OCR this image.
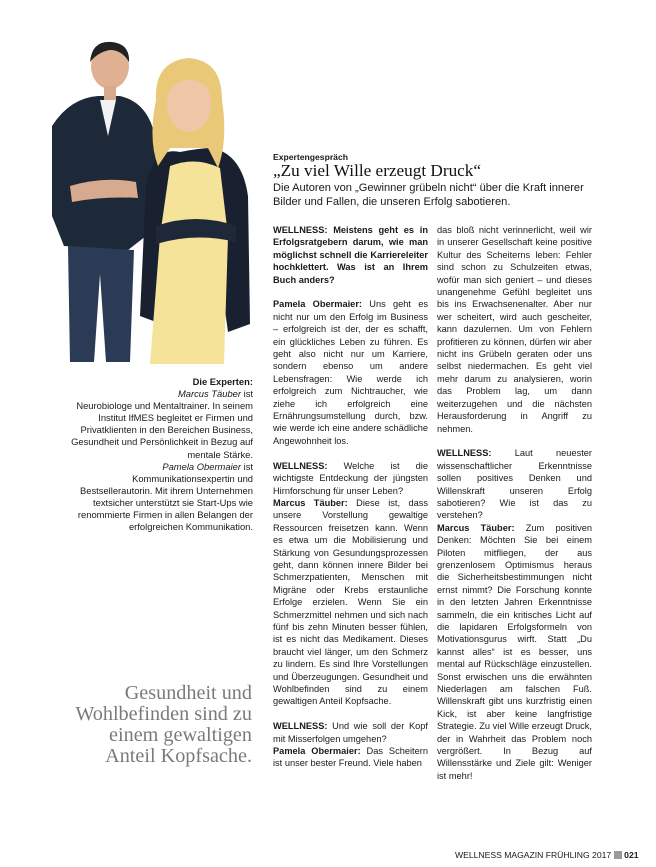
Expertengespräch
„Zu viel Wille erzeugt Druck“
Die Autoren von „Gewinner grübeln nicht“ über die Kraft innerer Bilder und Fallen, die unseren Erfolg sabotieren.

Die Experten:

Marcus Täuber ist
Neurobiologe und Mentaltrainer. In seinem Institut IfMES begleitet er Firmen und Privatklienten in den Bereichen Business, Gesundheit und Persönlichkeit in Bezug auf mentale Stärke.

Pamela Obermaier ist
Kommunikationsexpertin und Bestsellerautorin. Mit ihrem Unternehmen textsicher unterstützt sie Start-Ups wie renommierte Firmen in allen Belangen der erfolgreichen Kommunikation.

Gesundheit und Wohlbefinden sind zu einem gewaltigen Anteil Kopfsache.

WELLNESS: Meistens geht es in Erfolgsratgebern darum, wie man möglichst schnell die Karriereleiter hochklettert. Was ist an Ihrem Buch anders?

Pamela Obermaier: Uns geht es nicht nur um den Erfolg im Business – erfolgreich ist der, der es schafft, ein glückliches Leben zu führen. Es geht also nicht nur um Karriere, sondern ebenso um andere Lebensfragen: Wie werde ich erfolgreich zum Nichtraucher, wie ziehe ich erfolgreich eine Ernährungsumstellung durch, bzw. wie werde ich eine andere schädliche Angewohnheit los.

WELLNESS: Welche ist die wichtigste Entdeckung der jüngsten Hirnforschung für unser Leben?
Marcus Täuber: Diese ist, dass unsere Vorstellung gewaltige Ressourcen freisetzen kann. Wenn es etwa um die Mobilisierung und Stärkung von Gesundungsprozessen geht, dann können innere Bilder bei Schmerzpatienten, Menschen mit Migräne oder Krebs erstaunliche Erfolge erzielen. Wenn Sie ein Schmerzmittel nehmen und sich nach fünf bis zehn Minuten besser fühlen, ist es nicht das Medikament. Dieses braucht viel länger, um den Schmerz zu lindern. Es sind Ihre Vorstellungen und Überzeugungen. Gesundheit und Wohlbefinden sind zu einem gewaltigen Anteil Kopfsache.

WELLNESS: Und wie soll der Kopf mit Misserfolgen umgehen?
Pamela Obermaier: Das Scheitern ist unser bester Freund. Viele haben

das bloß nicht verinnerlicht, weil wir in unserer Gesellschaft keine positive Kultur des Scheiterns leben: Fehler sind schon zu Schulzeiten etwas, wofür man sich geniert – und dieses unangenehme Gefühl begleitet uns bis ins Erwachsenenalter. Aber nur wer scheitert, wird auch gescheiter, kann dazulernen. Um von Fehlern profitieren zu können, dürfen wir aber nicht ins Grübeln geraten oder uns selbst niedermachen. Es geht viel mehr darum zu analysieren, worin das Problem lag, um dann weiterzugehen und die nächsten Herausforderung in Angriff zu nehmen.

WELLNESS: Laut neuester wissenschaftlicher Erkenntnisse sollen positives Denken und Willenskraft unseren Erfolg sabotieren? Wie ist das zu verstehen?
Marcus Täuber: Zum positiven Denken: Möchten Sie bei einem Piloten mitfliegen, der aus grenzenlosem Optimismus heraus die Sicherheitsbestimmungen nicht ernst nimmt? Die Forschung konnte in den letzten Jahren Erkenntnisse sammeln, die ein kritisches Licht auf die lapidaren Erfolgsformeln von Motivationsgurus wirft. Statt „Du kannst alles“ ist es besser, uns mental auf Rückschläge einzustellen. Sonst erwischen uns die erwähnten Niederlagen am falschen Fuß. Willenskraft gibt uns kurzfristig einen Kick, ist aber keine langfristige Strategie. Zu viel Wille erzeugt Druck, der in Wahrheit das Problem noch vergrößert. In Bezug auf Willensstärke und Ziele gilt: Weniger ist mehr!

WELLNESS MAGAZIN FRÜHLING 2017 021
